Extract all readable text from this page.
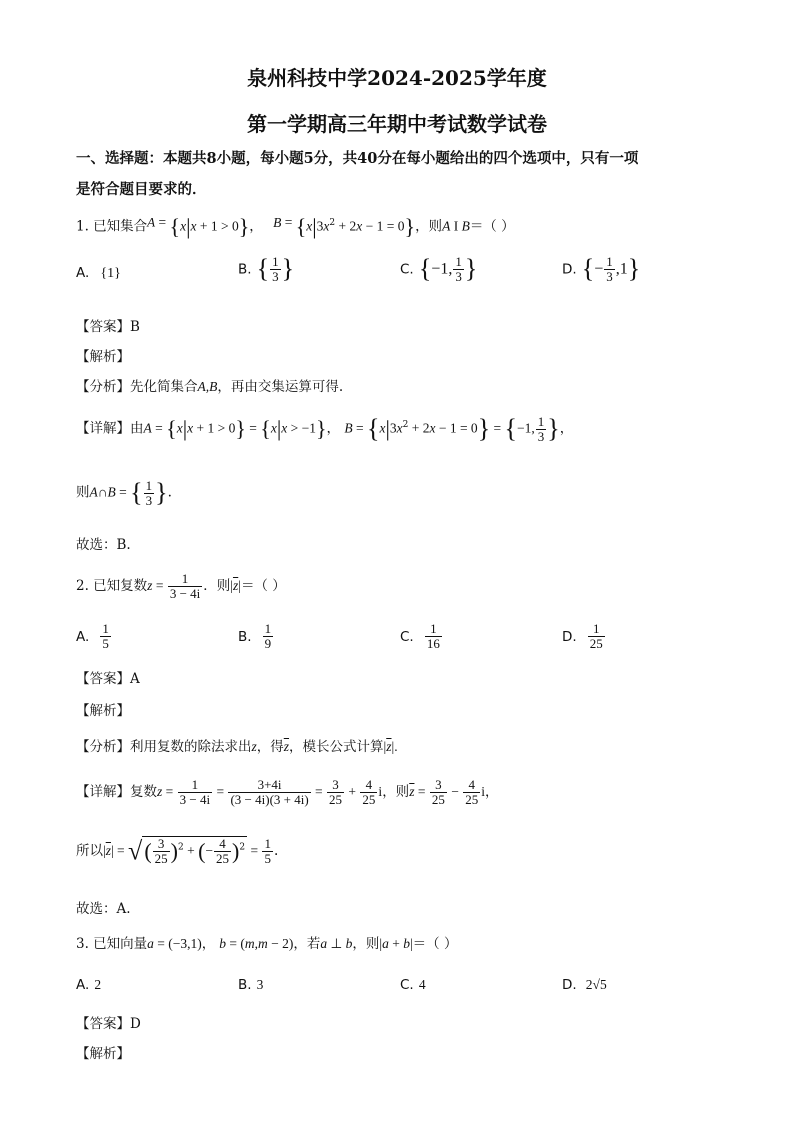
泉州科技中学2024-2025学年度
第一学期高三年期中考试数学试卷
一、选择题：本题共8小题，每小题5分，共40分在每小题给出的四个选项中，只有一项
是符合题目要求的．
1. 已知集合A = {x|x + 1 > 0}， $B = \{x|3x^2 + 2x - 1 = 0\}$，则A I B＝（ ）
A. {1}	B. { $\frac{1}{3}$ }	C. {−1, $\frac{1}{3}$ }	D. {− $\frac{1}{3} ,1$}
【答案】B
【解析】
【分析】先化简集合A,B，再由交集运算可得.
【详解】由A = {x|x + 1 > 0} = {x|x > −1}， $B = \{x|3x^2 + 2x - 1 = 0\} = \{-1$, $\frac{1}{3}$ }，
则A∩B = { $\frac{1}{3}$ }.
故选：B.
2. 已知复数$z = \frac{1}{3 - 4i}$ ．则$|\overline{z}|=$（ ）
A. $\frac{1}{5}$	B. $\frac{1}{9}$	C. $\frac{1}{16}$	D. $\frac{1}{25}$
【答案】A
【解析】
【分析】利用复数的除法求出z，得$\overline{z}$，模长公式计算$|\overline{z}|$.
【详解】复数$z = \frac{1}{3 - 4i} = \frac{3+4i}{(3 - 4i)(3 + 4i)} = \frac{3}{25} + \frac{4}{25}$ i，则$\overline{z} = \frac{3}{25} - \frac{4}{25}$ i，
所以$|\overline{z}|$ = √( $\frac{3}{25} )^2$ + (− $\frac{4}{25} )^2 = \frac{1}{5}$ .
故选：A.
3. 已知向量a = (−3,1)， b = (m,m − 2)，若a ⊥ b，则|a + b|＝（ ）
A. 2	B. 3	C. 4	D. 2√5
【答案】D
【解析】
